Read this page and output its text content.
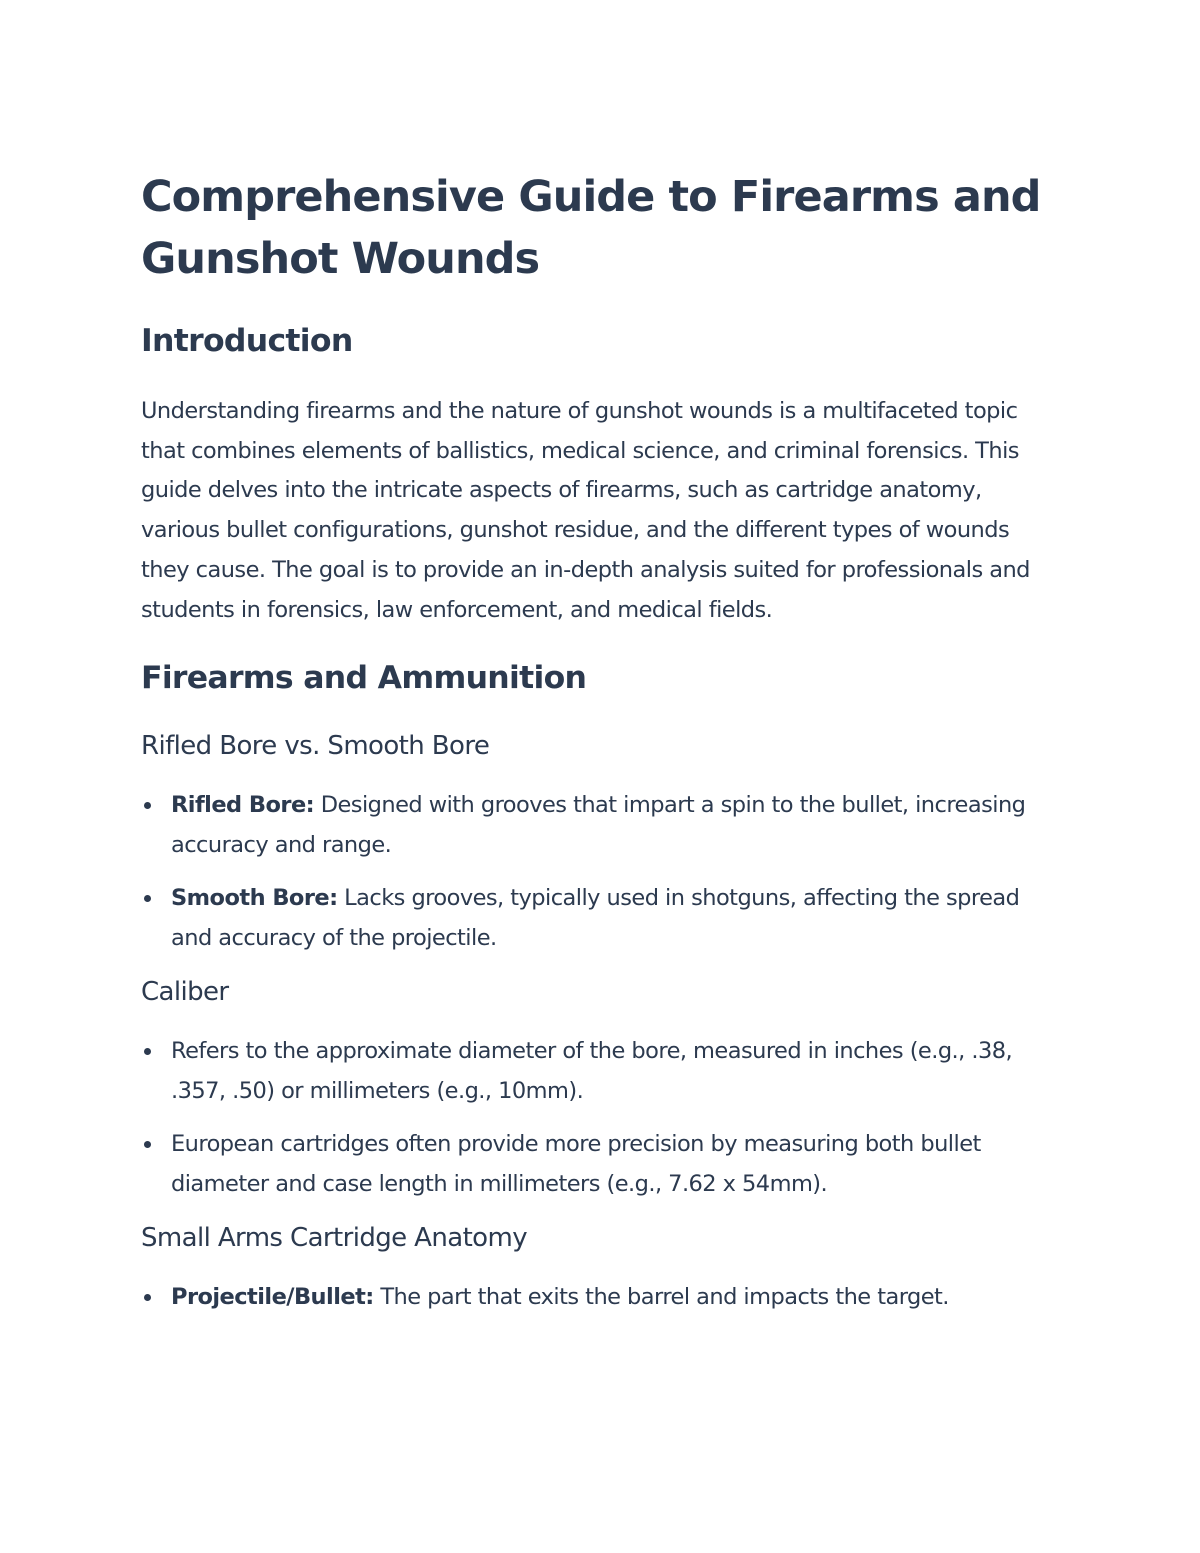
Comprehensive Guide to Firearms and Gunshot Wounds
Introduction

Understanding firearms and the nature of gunshot wounds is a multifaceted topic that combines elements of ballistics, medical science, and criminal forensics. This guide delves into the intricate aspects of firearms, such as cartridge anatomy, various bullet configurations, gunshot residue, and the different types of wounds they cause. The goal is to provide an in-depth analysis suited for professionals and students in forensics, law enforcement, and medical fields.

Firearms and Ammunition
Rifled Bore vs. Smooth Bore
Rifled Bore: Designed with grooves that impart a spin to the bullet, increasing accuracy and range.
Smooth Bore: Lacks grooves, typically used in shotguns, affecting the spread and accuracy of the projectile.
Caliber
Refers to the approximate diameter of the bore, measured in inches (e.g., .38, .357, .50) or millimeters (e.g., 10mm).
European cartridges often provide more precision by measuring both bullet diameter and case length in millimeters (e.g., 7.62 x 54mm).
Small Arms Cartridge Anatomy
Projectile/Bullet: The part that exits the barrel and impacts the target.
